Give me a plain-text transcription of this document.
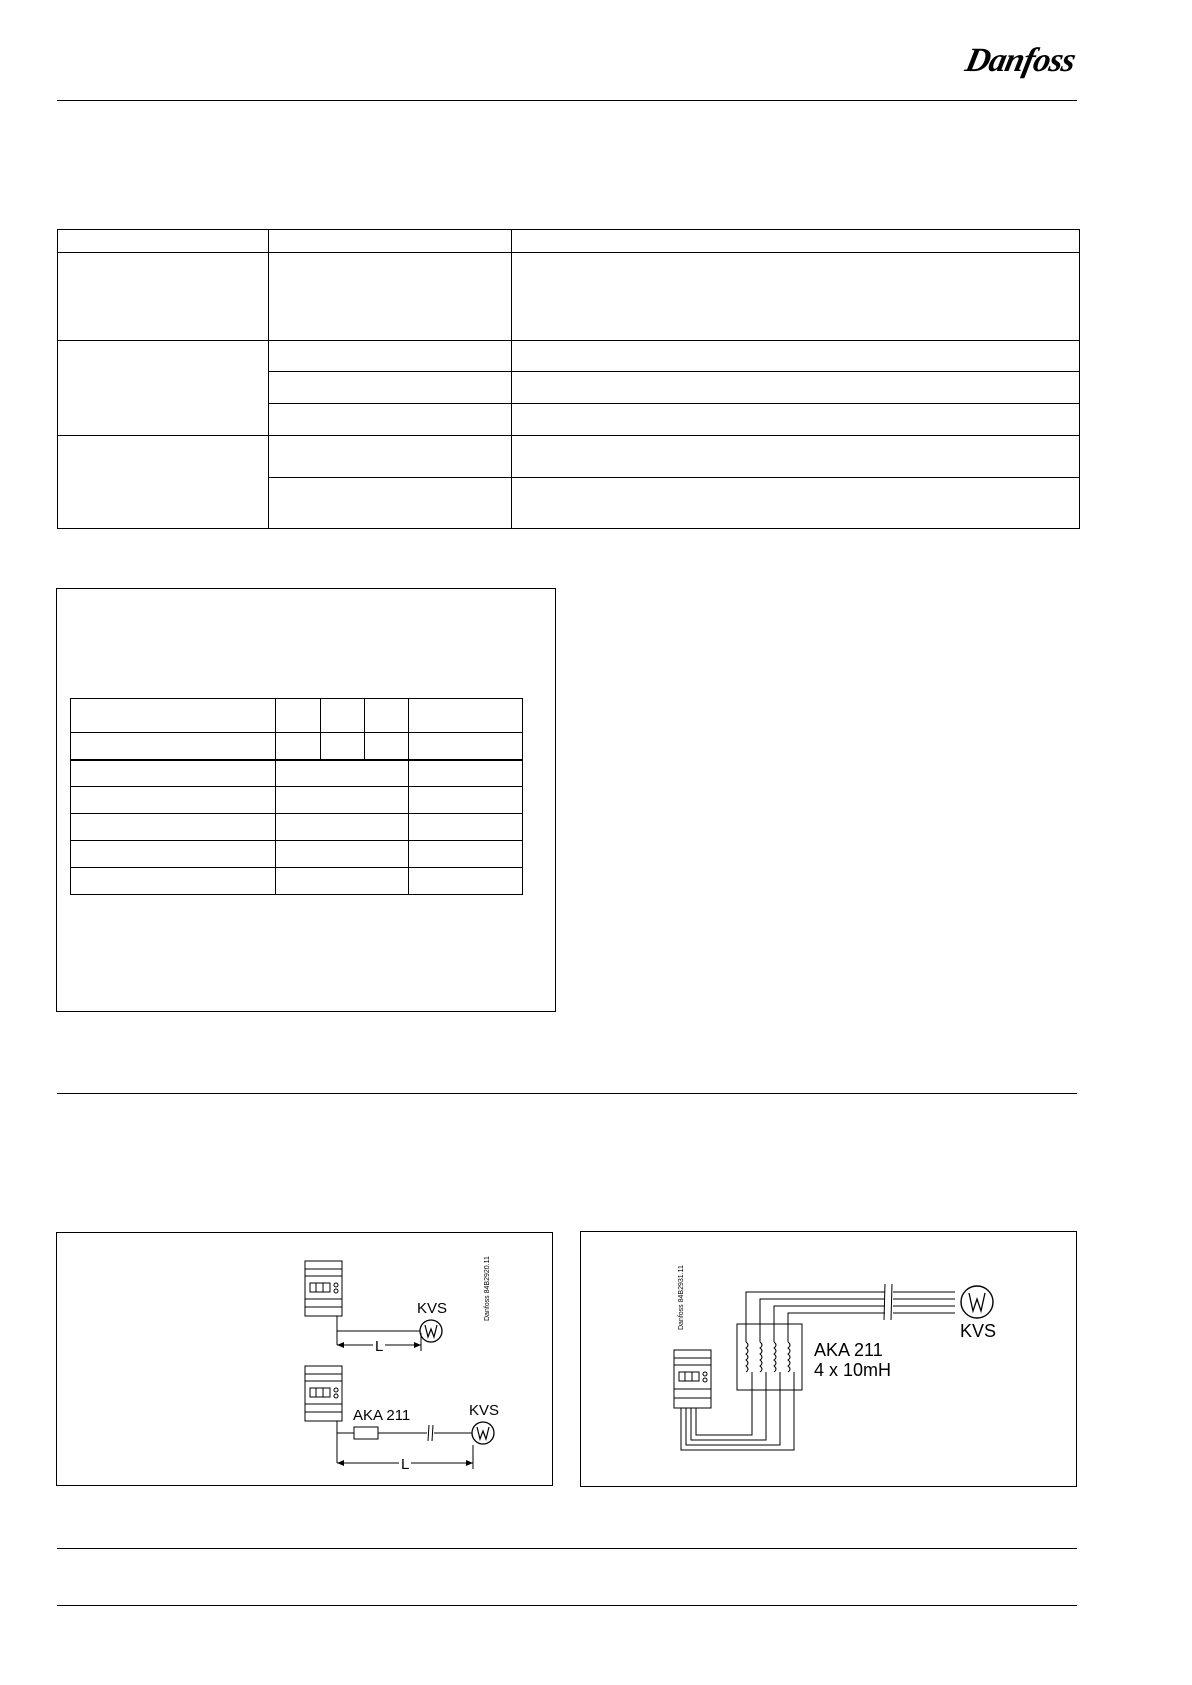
Danfoss

KVS
L
AKA 211	KVS
L
Danfoss 84B2920.11	Danfoss 84B2931.11
KVS
AKA 211
4 x 10mH
